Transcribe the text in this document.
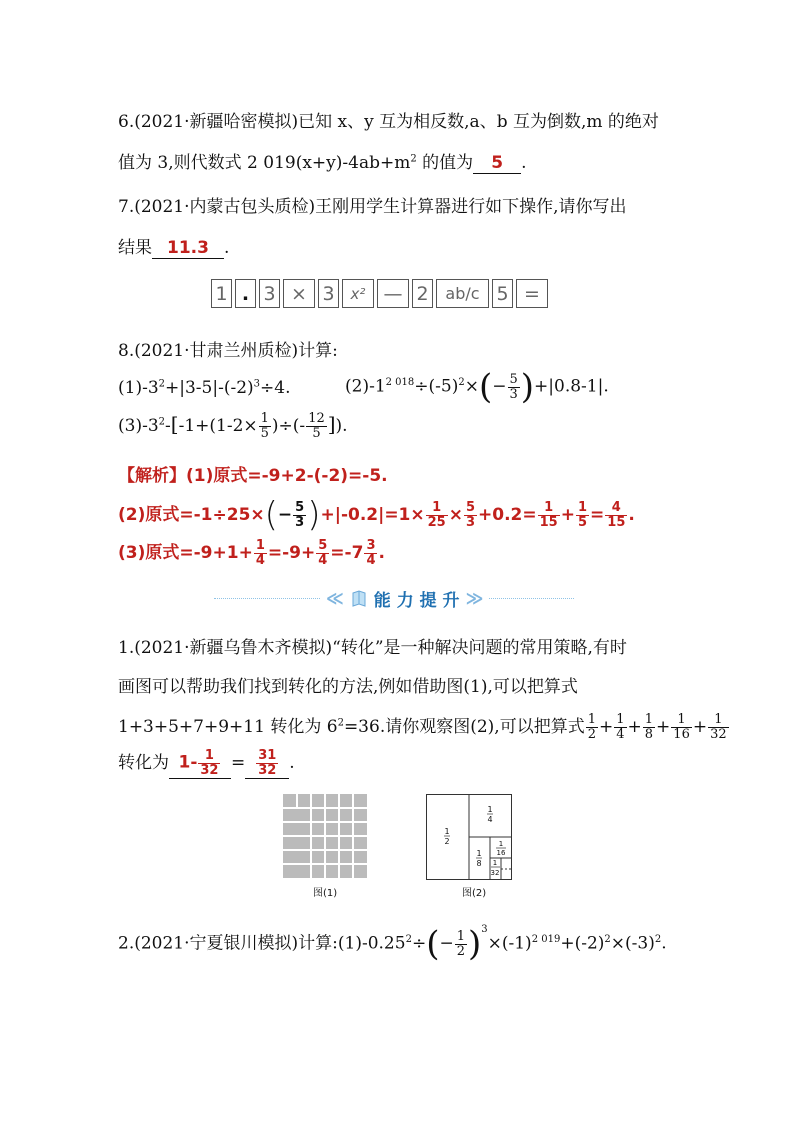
6.(2021·新疆哈密模拟)已知 x、y 互为相反数,a、b 互为倒数,m 的绝对
值为 3,则代数式 2 $019(x+y)-4ab+m^2$ 的值为 5 .
7.(2021·内蒙古包头质检)王刚用学生计算器进行如下操作,请你写出
结果 11.3 .
1 . 3 × 3	x² — 2	ab/c 5 =
8.(2021·甘肃兰州质检)计算:
$(1)-3^2+|3-5|-(-2)^3\div 4$.	$(2)-1^{2 018}\div(-5)^2\times(- \frac{5}{3} )+|0.8-1|$.
$(3)-3^2-[-1+(1-2\times \frac{1}{5}$ )÷(- $\frac{12}{5}$ ]).
【解析】(1)原式=-9+2-(-2)=-5.
(2)原式$=-1\div 25\times(- \frac{5}{3} )+|-0.2|=1\times \frac{1}{25} \times \frac{5}{3} +0.2= \frac{1}{15} + \frac{1}{5} = \frac{4}{15}$ .
(3)原式$=-9+1+ \frac{1}{4} =-9+ \frac{5}{4} =-7 \frac{3}{4}$ .
≪ 能 力 提 升 ≫
1.(2021·新疆乌鲁木齐模拟)“转化”是一种解决问题的常用策略,有时
画图可以帮助我们找到转化的方法,例如借助图(1),可以把算式
1+3+5+7+9+11 转化为 $6^2=36$.请你观察图(2),可以把算式 $\frac{1}{2} + \frac{1}{4} + \frac{1}{8} + \frac{1}{16} + \frac{1}{32}$
转化为 $1- \frac{1}{32} = \frac{31}{32}$ .
图(1)
1
2
1
4
1
8
1
16
1
32
图(2)
2.(2021·宁夏银川模拟)计算$:(1)-0.25^2\div(- \frac{1}{2} )^3\times(-1)^{2 019}+(-2)^2\times(-3)^2$.
